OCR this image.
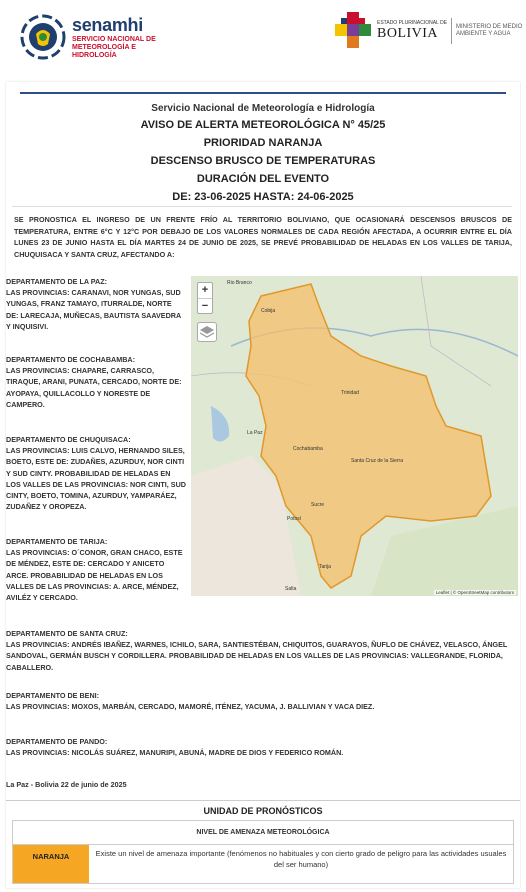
senamhi
SERVICIO NACIONAL DE METEOROLOGÍA E HIDROLOGÍA
ESTADO PLURINACIONAL DE
BOLIVIA	MINISTERIO DE MEDIO AMBIENTE Y AGUA
Servicio Nacional de Meteorología e Hidrología
AVISO DE ALERTA METEOROLÓGICA N° 45/25
PRIORIDAD NARANJA
DESCENSO BRUSCO DE TEMPERATURAS
DURACIÓN DEL EVENTO
DE: 23-06-2025 HASTA: 24-06-2025
SE PRONOSTICA EL INGRESO DE UN FRENTE FRÍO AL TERRITORIO BOLIVIANO, QUE OCASIONARÁ DESCENSOS BRUSCOS DE TEMPERATURA, ENTRE 6°C Y 12°C POR DEBAJO DE LOS VALORES NORMALES DE CADA REGIÓN AFECTADA, A OCURRIR ENTRE EL DÍA LUNES 23 DE JUNIO HASTA EL DÍA MARTES 24 DE JUNIO DE 2025, SE PREVÉ PROBABILIDAD DE HELADAS EN LOS VALLES DE TARIJA, CHUQUISACA Y SANTA CRUZ, AFECTANDO A:
DEPARTAMENTO DE LA PAZ:
LAS PROVINCIAS: CARANAVI, NOR YUNGAS, SUD YUNGAS, FRANZ TAMAYO, ITURRALDE, NORTE DE: LARECAJA, MUÑECAS, BAUTISTA SAAVEDRA Y INQUISIVI.
DEPARTAMENTO DE COCHABAMBA:
LAS PROVINCIAS: CHAPARE, CARRASCO, TIRAQUE, ARANI, PUNATA, CERCADO, NORTE DE: AYOPAYA, QUILLACOLLO Y NORESTE DE CAMPERO.
DEPARTAMENTO DE CHUQUISACA:
LAS PROVINCIAS: LUIS CALVO, HERNANDO SILES, BOETO, ESTE DE: ZUDAÑES, AZURDUY, NOR CINTI Y SUD CINTY. PROBABILIDAD DE HELADAS EN LOS VALLES DE LAS PROVINCIAS: NOR CINTI, SUD CINTY, BOETO, TOMINA, AZURDUY, YAMPARÁEZ, ZUDAÑEZ Y OROPEZA.
DEPARTAMENTO DE TARIJA:
LAS PROVINCIAS: O´CONOR, GRAN CHACO, ESTE DE MÉNDEZ, ESTE DE: CERCADO Y ANICETO ARCE. PROBABILIDAD DE HELADAS EN LOS VALLES DE LAS PROVINCIAS: A. ARCE, MÉNDEZ, AVILÉZ Y CERCADO.
DEPARTAMENTO DE SANTA CRUZ:
LAS PROVINCIAS: ANDRÉS IBAÑEZ, WARNES, ICHILO, SARA, SANTIESTÉBAN, CHIQUITOS, GUARAYOS, ÑUFLO DE CHÁVEZ, VELASCO, ÁNGEL SANDOVAL, GERMÁN BUSCH Y CORDILLERA. PROBABILIDAD DE HELADAS EN LOS VALLES DE LAS PROVINCIAS: VALLEGRANDE, FLORIDA, CABALLERO.
DEPARTAMENTO DE BENI:
LAS PROVINCIAS: MOXOS, MARBÁN, CERCADO, MAMORÉ, ITÉNEZ, YACUMA, J. BALLIVIAN Y VACA DIEZ.
DEPARTAMENTO DE PANDO:
LAS PROVINCIAS: NICOLÁS SUÁREZ, MANURIPI, ABUNÁ, MADRE DE DIOS Y FEDERICO ROMÁN.
Rio Branco
La Paz
Cobija
Trinidad
Cochabamba
Santa Cruz de la Sierra
Sucre
Potosí
Tarija
Salta
+
−
Leaflet | © OpenStreetMap contributors
La Paz - Bolivia 22 de junio de 2025
UNIDAD DE PRONÓSTICOS
NIVEL DE AMENAZA METEOROLÓGICA
NARANJA	Existe un nivel de amenaza importante (fenómenos no habituales y con cierto grado de peligro para las actividades usuales del ser humano)
